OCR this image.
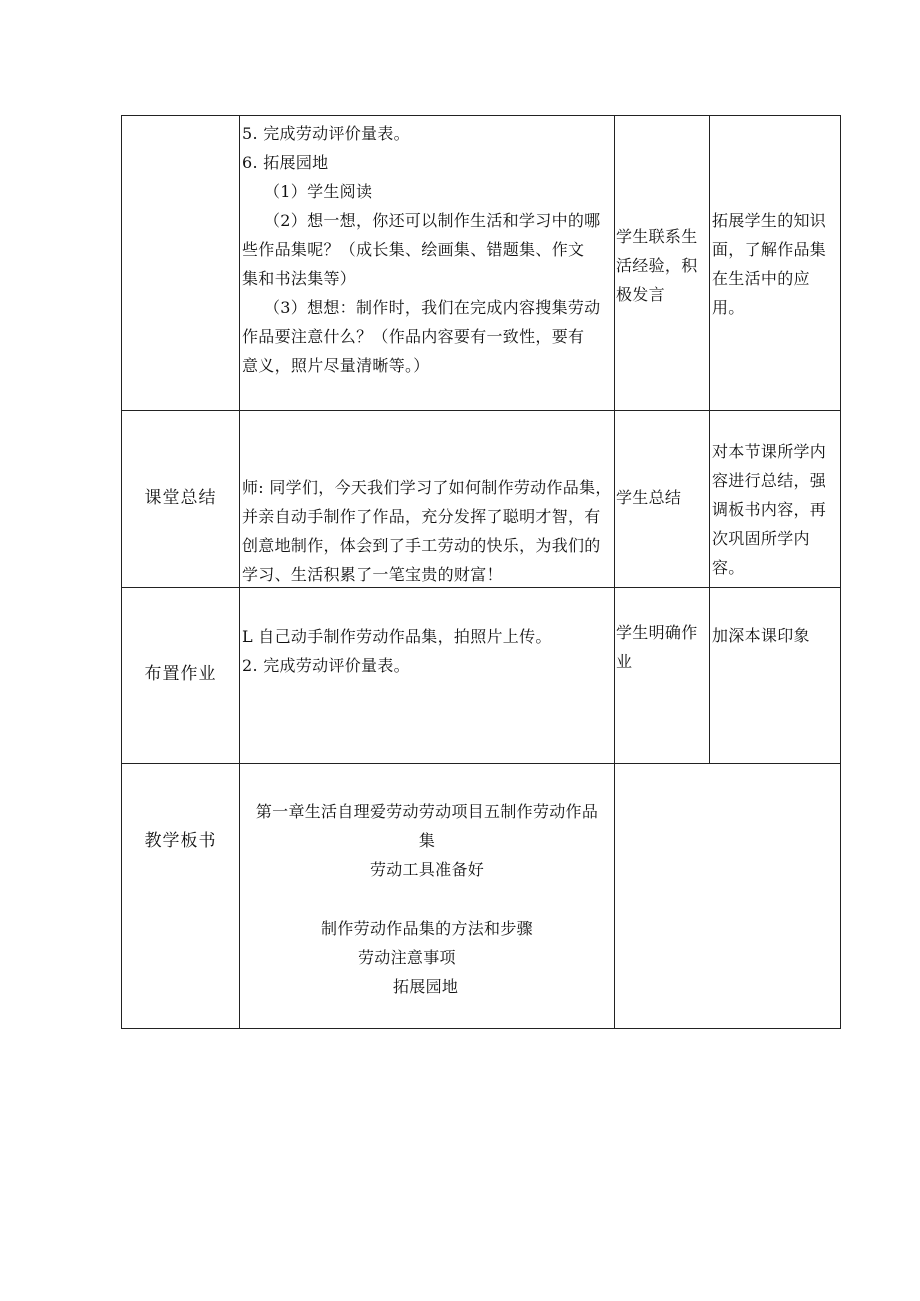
5. 完成劳动评价量表。

6. 拓展园地

（1）学生阅读

（2）想一想，你还可以制作生活和学习中的哪

些作品集呢？（成长集、绘画集、错题集、作文

集和书法集等）

（3）想想：制作时，我们在完成内容搜集劳动

作品要注意什么？（作品内容要有一致性，要有

意义，照片尽量清晰等。）

学生联系生

活经验，积

极发言

拓展学生的知识

面，了解作品集

在生活中的应

用。

课堂总结

师: 同学们，今天我们学习了如何制作劳动作品集，

并亲自动手制作了作品，充分发挥了聪明才智，有

创意地制作，体会到了手工劳动的快乐，为我们的

学习、生活积累了一笔宝贵的财富！

学生总结

对本节课所学内

容进行总结，强

调板书内容，再

次巩固所学内

容。

布置作业

L 自己动手制作劳动作品集，拍照片上传。

2. 完成劳动评价量表。

学生明确作

业

加深本课印象

教学板书
第一章生活自理爱劳动劳动项目五制作劳动作品
集
劳动工具准备好
制作劳动作品集的方法和步骤
劳动注意事项
拓展园地
